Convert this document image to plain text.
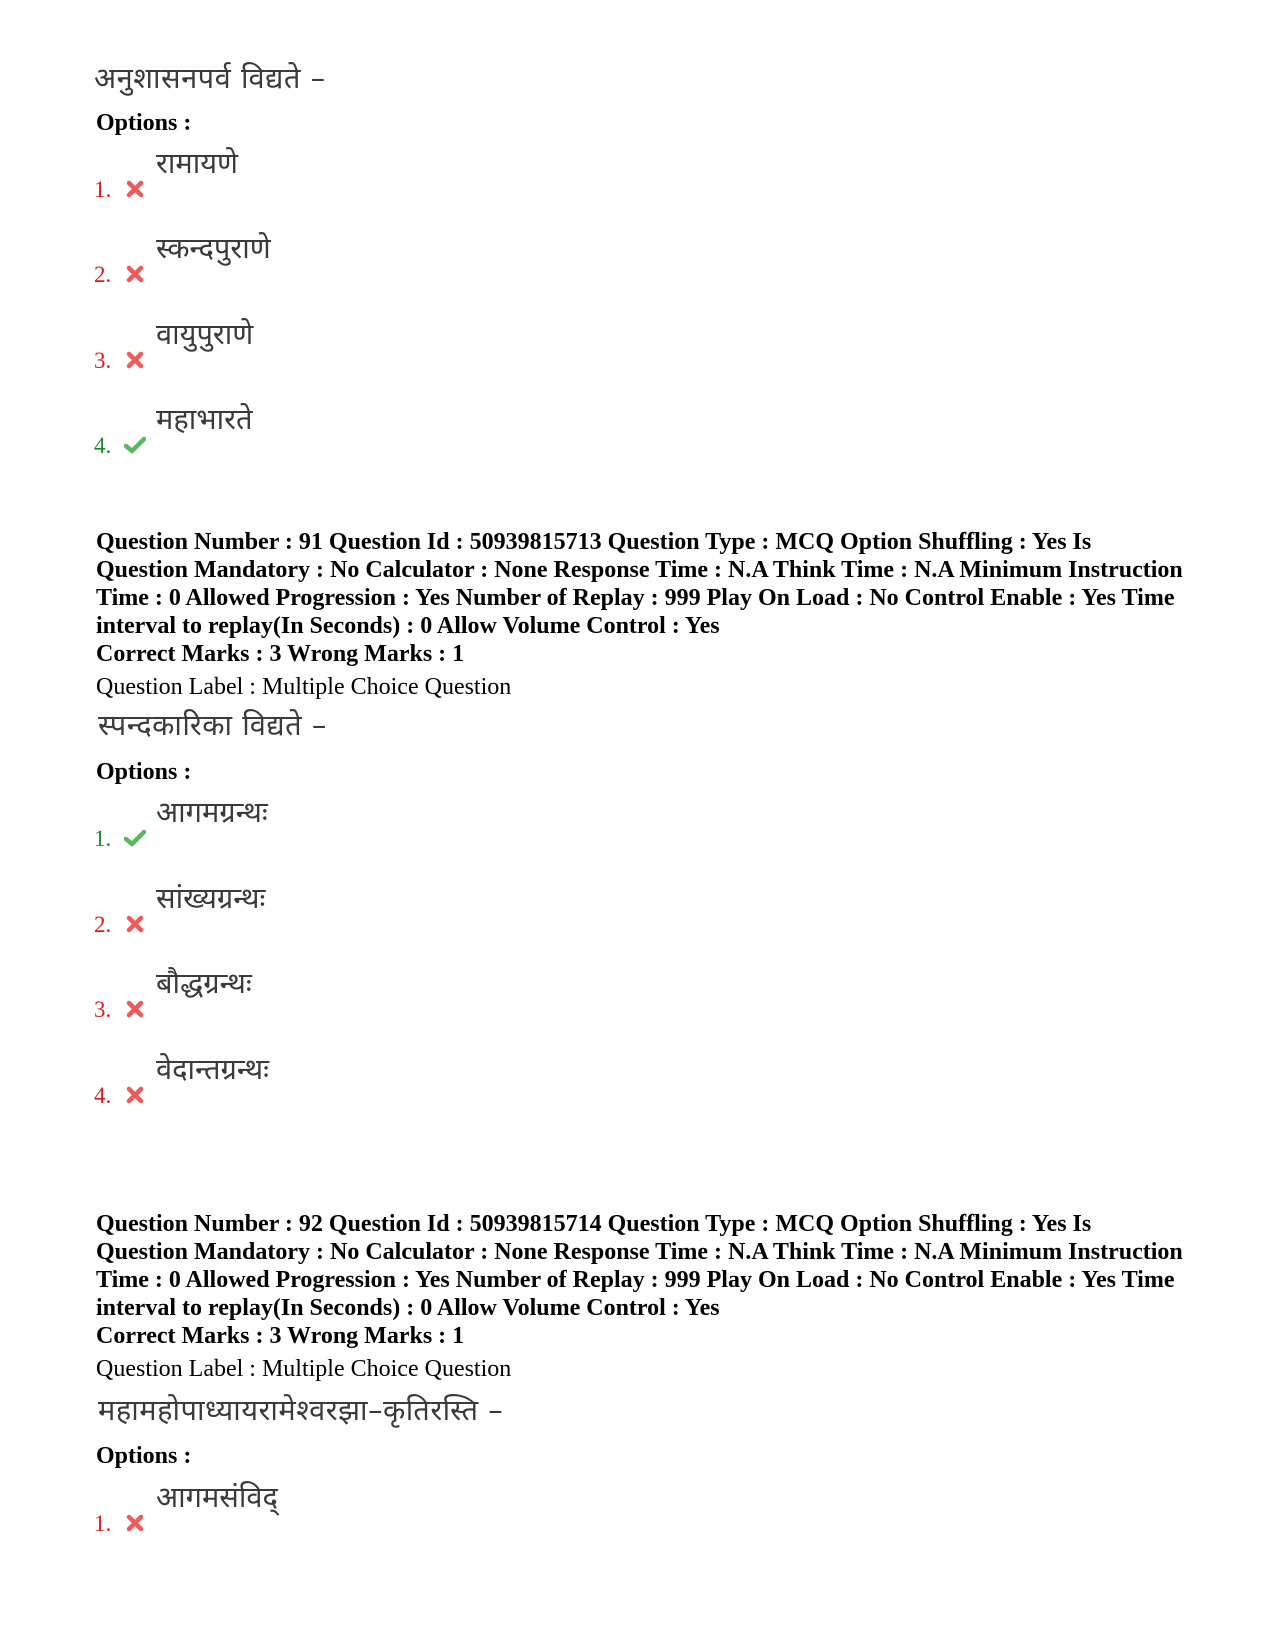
अनुशासनपर्व विद्यते –
Options :
1.
रामायणे
2.
स्कन्दपुराणे
3.
वायुपुराणे
4.
महाभारते
Question Number : 91 Question Id : 50939815713 Question Type : MCQ Option Shuffling : Yes Is Question Mandatory : No Calculator : None Response Time : N.A Think Time : N.A Minimum Instruction Time : 0 Allowed Progression : Yes Number of Replay : 999 Play On Load : No Control Enable : Yes Time interval to replay(In Seconds) : 0 Allow Volume Control : Yes
Correct Marks : 3 Wrong Marks : 1
Question Label : Multiple Choice Question
स्पन्दकारिका विद्यते –
Options :
1.
आगमग्रन्थः
2.
सांख्यग्रन्थः
3.
बौद्धग्रन्थः
4.
वेदान्तग्रन्थः
Question Number : 92 Question Id : 50939815714 Question Type : MCQ Option Shuffling : Yes Is Question Mandatory : No Calculator : None Response Time : N.A Think Time : N.A Minimum Instruction Time : 0 Allowed Progression : Yes Number of Replay : 999 Play On Load : No Control Enable : Yes Time interval to replay(In Seconds) : 0 Allow Volume Control : Yes
Correct Marks : 3 Wrong Marks : 1
Question Label : Multiple Choice Question
महामहोपाध्यायरामेश्वरझा–कृतिरस्ति –
Options :
1.
आगमसंविद्
